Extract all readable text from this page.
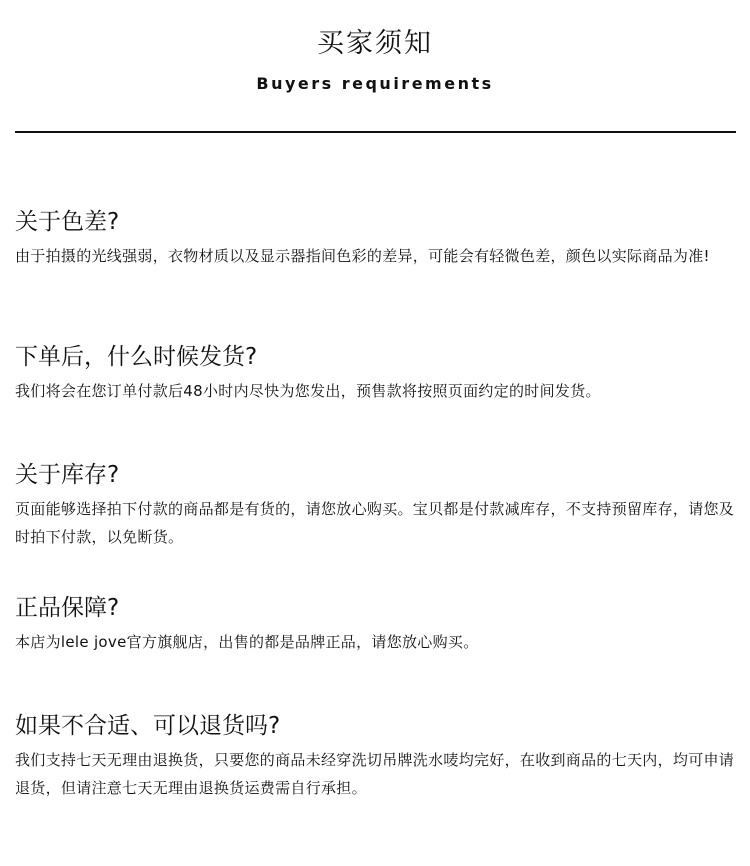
买家须知
Buyers requirements

关于色差?

由于拍摄的光线强弱，衣物材质以及显示器指间色彩的差异，可能会有轻微色差，颜色以实际商品为准!

下单后，什么时候发货?

我们将会在您订单付款后48小时内尽快为您发出，预售款将按照页面约定的时间发货。

关于库存?

页面能够选择拍下付款的商品都是有货的，请您放心购买。宝贝都是付款减库存，不支持预留库存，请您及时拍下付款，以免断货。

正品保障?

本店为lele jove官方旗舰店，出售的都是品牌正品，请您放心购买。

如果不合适、可以退货吗?

我们支持七天无理由退换货，只要您的商品未经穿洗切吊牌洗水唛均完好，在收到商品的七天内，均可申请退货，但请注意七天无理由退换货运费需自行承担。
